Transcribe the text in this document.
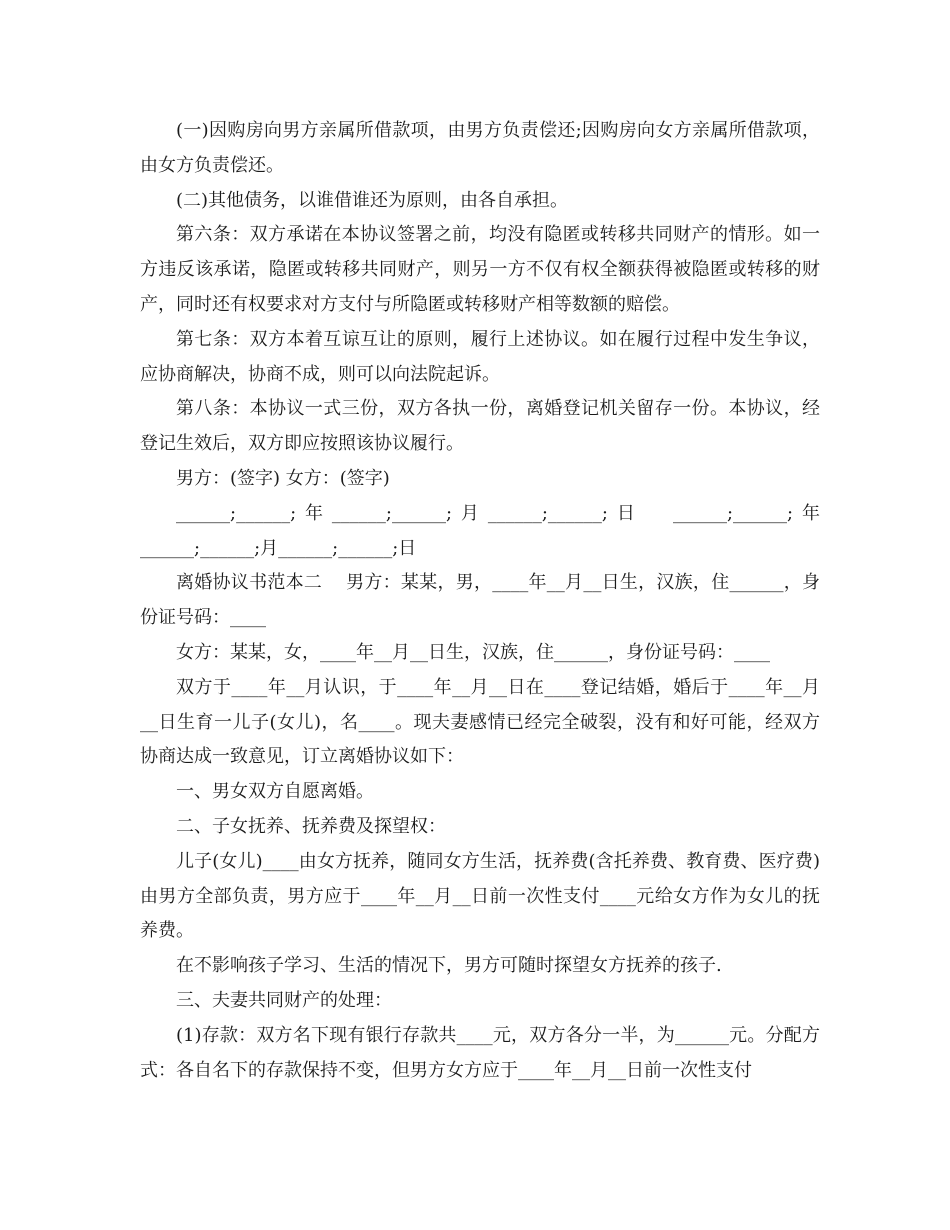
(一)因购房向男方亲属所借款项，由男方负责偿还;因购房向女方亲属所借款项，由女方负责偿还。

(二)其他债务，以谁借谁还为原则，由各自承担。

第六条：双方承诺在本协议签署之前，均没有隐匿或转移共同财产的情形。如一方违反该承诺，隐匿或转移共同财产，则另一方不仅有权全额获得被隐匿或转移的财产，同时还有权要求对方支付与所隐匿或转移财产相等数额的赔偿。

第七条：双方本着互谅互让的原则，履行上述协议。如在履行过程中发生争议，应协商解决，协商不成，则可以向法院起诉。

第八条：本协议一式三份，双方各执一份，离婚登记机关留存一份。本协议，经登记生效后，双方即应按照该协议履行。

男方：(签字) 女方：(签字)

______;______;年______;______;月______;______;日  ______;______;年______;______;月______;______;日

离婚协议书范本二    男方：某某，男，____年__月__日生，汉族，住______，身份证号码：____

女方：某某，女，____年__月__日生，汉族，住______，身份证号码：____

双方于____年__月认识，于____年__月__日在____登记结婚，婚后于____年__月__日生育一儿子(女儿)，名____。现夫妻感情已经完全破裂，没有和好可能，经双方协商达成一致意见，订立离婚协议如下：

一、男女双方自愿离婚。

二、子女抚养、抚养费及探望权：

儿子(女儿)____由女方抚养，随同女方生活，抚养费(含托养费、教育费、医疗费)由男方全部负责，男方应于____年__月__日前一次性支付____元给女方作为女儿的抚养费。

在不影响孩子学习、生活的情况下，男方可随时探望女方抚养的孩子.

三、夫妻共同财产的处理：

(1)存款：双方名下现有银行存款共____元，双方各分一半，为______元。分配方式：各自名下的存款保持不变，但男方女方应于____年__月__日前一次性支付
